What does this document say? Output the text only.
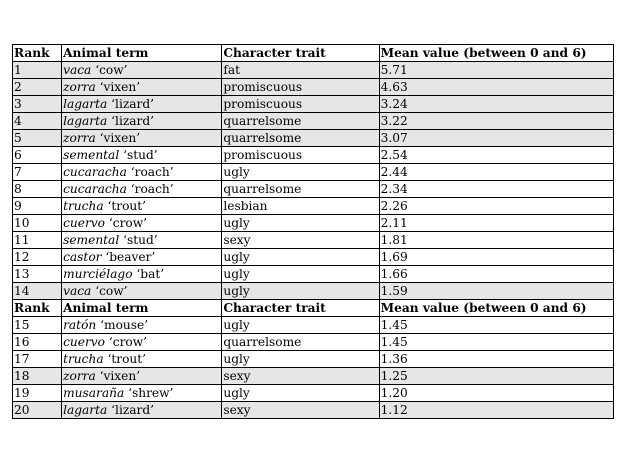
Rank	Animal term	Character trait	Mean value (between 0 and 6)
1	vaca ‘cow’	fat	5.71
2	zorra ‘vixen’	promiscuous	4.63
3	lagarta ‘lizard’	promiscuous	3.24
4	lagarta ‘lizard’	quarrelsome	3.22
5	zorra ‘vixen’	quarrelsome	3.07
6	semental ‘stud’	promiscuous	2.54
7	cucaracha ‘roach’	ugly	2.44
8	cucaracha ‘roach’	quarrelsome	2.34
9	trucha ‘trout’	lesbian	2.26
10	cuervo ‘crow’	ugly	2.11
11	semental ‘stud’	sexy	1.81
12	castor ‘beaver’	ugly	1.69
13	murciélago ‘bat’	ugly	1.66
14	vaca ‘cow’	ugly	1.59
Rank	Animal term	Character trait	Mean value (between 0 and 6)
15	ratón ‘mouse’	ugly	1.45
16	cuervo ‘crow’	quarrelsome	1.45
17	trucha ‘trout’	ugly	1.36
18	zorra ‘vixen’	sexy	1.25
19	musaraña ‘shrew’	ugly	1.20
20	lagarta ‘lizard’	sexy	1.12
